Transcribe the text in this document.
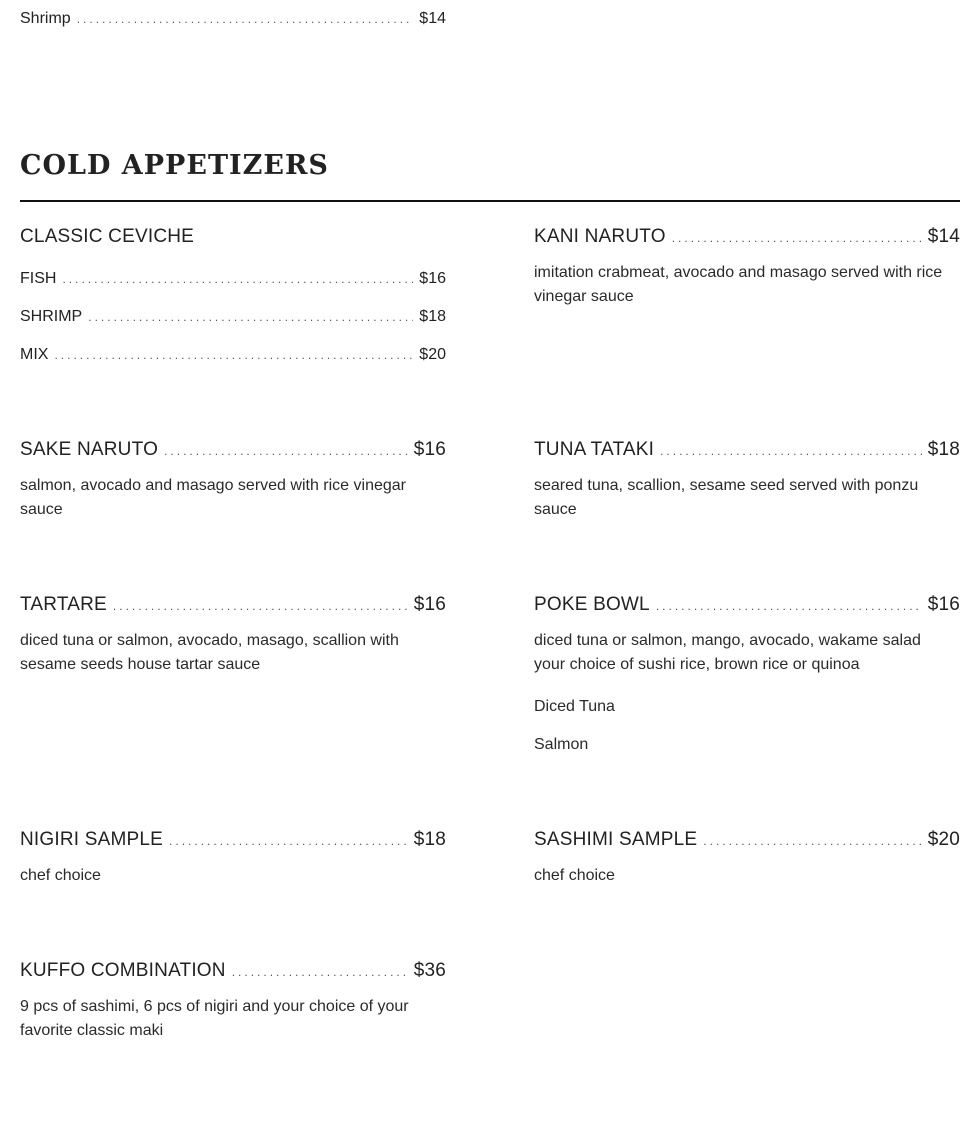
Shrimp .....	$14
COLD APPETIZERS
CLASSIC CEVICHE
FISH .....	$16
SHRIMP .....	$18
MIX .....	$20
KANI NARUTO .....	$14
imitation crabmeat, avocado and masago served with rice vinegar sauce
SAKE NARUTO .....	$16
salmon, avocado and masago served with rice vinegar sauce
TUNA TATAKI .....	$18
seared tuna, scallion, sesame seed served with ponzu sauce
TARTARE .....	$16
diced tuna or salmon, avocado, masago, scallion with sesame seeds house tartar sauce
POKE BOWL .....	$16
diced tuna or salmon, mango, avocado, wakame salad your choice of sushi rice, brown rice or quinoa
Diced Tuna
Salmon
NIGIRI SAMPLE .....	$18
chef choice
SASHIMI SAMPLE .....	$20
chef choice
KUFFO COMBINATION .....	$36
9 pcs of sashimi, 6 pcs of nigiri and your choice of your favorite classic maki
